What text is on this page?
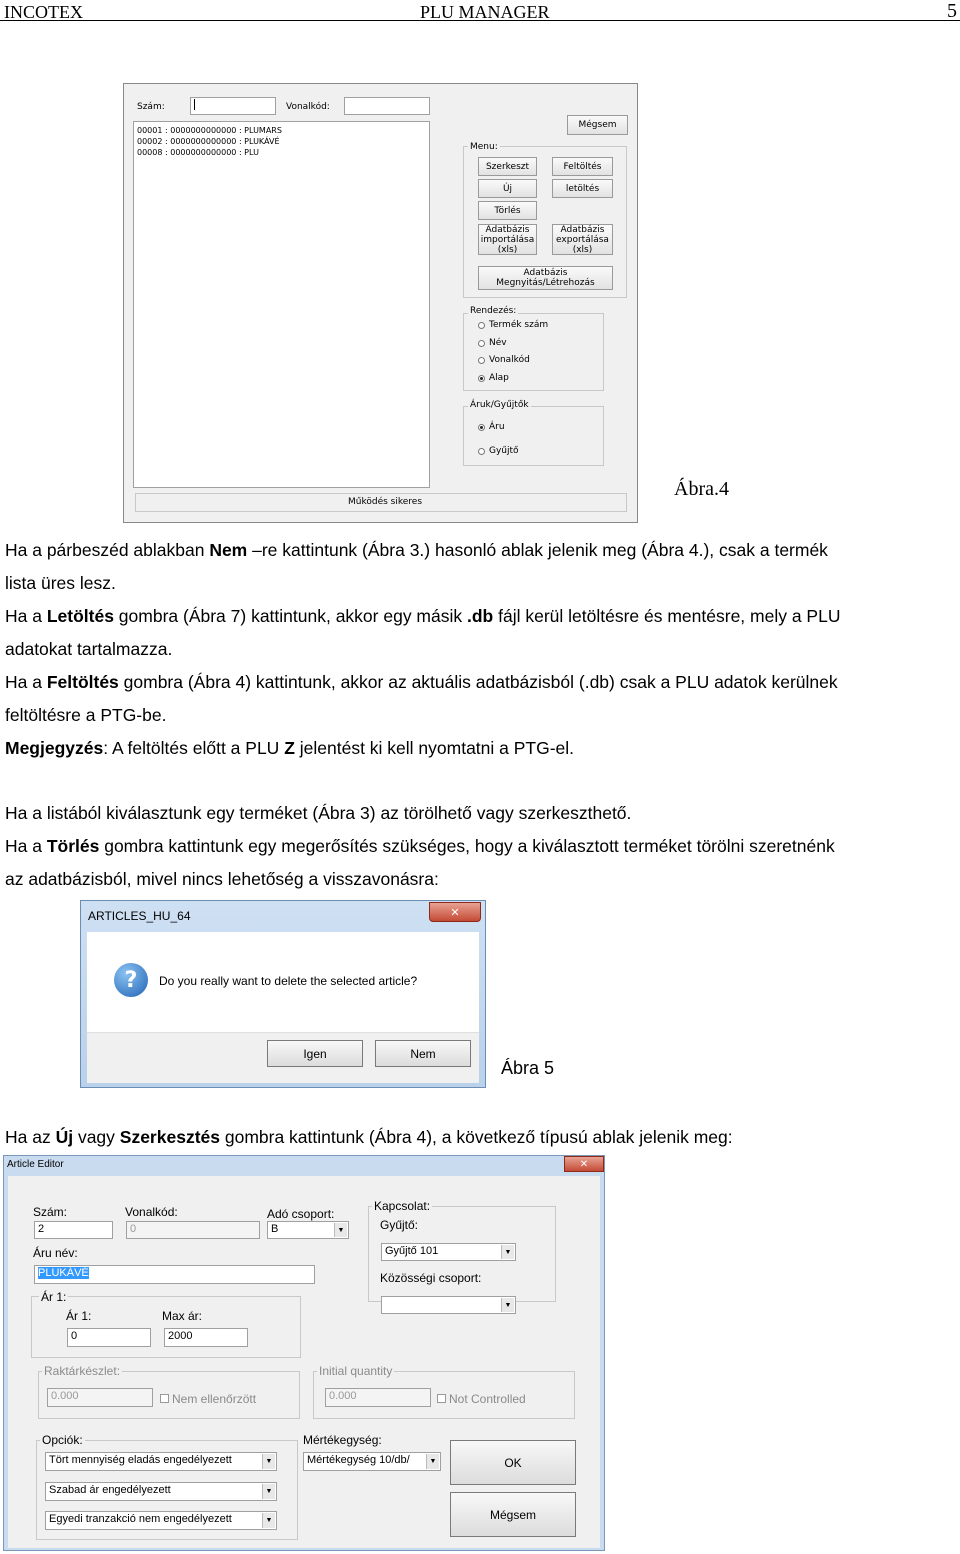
INCOTEX	PLU MANAGER	5
Szám:	Vonalkód:
00001 : 0000000000000 : PLUMARS
00002 : 0000000000000 : PLUKÁVÉ
00008 : 0000000000000 : PLU
Mégsem
Menu:
Szerkeszt	Feltöltés
Új	letöltés
Törlés
Adatbázis importálása (xls)
Adatbázis exportálása (xls)
Adatbázis Megnyitás/Létrehozás
Rendezés:
Termék szám
Név
Vonalkód
Alap
Áruk/Gyűjtők
Áru
Gyűjtő
Működés sikeres
Ábra.4
Ha a párbeszéd ablakban Nem –re kattintunk (Ábra 3.) hasonló ablak jelenik meg (Ábra 4.), csak a termék
lista üres lesz.
Ha a Letöltés gombra (Ábra 7) kattintunk, akkor egy másik .db fájl kerül letöltésre és mentésre, mely a PLU
adatokat tartalmazza.
Ha a Feltöltés gombra (Ábra 4) kattintunk, akkor az aktuális adatbázisból (.db) csak a PLU adatok kerülnek
feltöltésre a PTG-be.
Megjegyzés: A feltöltés előtt a PLU Z jelentést ki kell nyomtatni a PTG-el.
Ha a listából kiválasztunk egy terméket (Ábra 3) az törölhető vagy szerkeszthető.
Ha a Törlés gombra kattintunk egy megerősítés szükséges, hogy a kiválasztott terméket törölni szeretnénk
az adatbázisból, mivel nincs lehetőség a visszavonásra:
ARTICLES_HU_64	✕
?	Do you really want to delete the selected article?
Igen	Nem
Ábra 5
Ha az Új vagy Szerkesztés gombra kattintunk (Ábra 4), a következő típusú ablak jelenik meg:
Article Editor	✕
Szám:
2
Vonalkód:
0
Adó csoport:
B	▼
Kapcsolat:
Gyűjtő:
Gyűjtő 101	▼
Közösségi csoport:
▼
Áru név:
PLUKÁVÉ
Ár 1:
Ár 1:
0
Max ár:
2000
Raktárkészlet:
0.000	Nem ellenőrzött
Initial quantity
0.000	Not Controlled
Opciók:
Tört mennyiség eladás engedélyezett	▼
Szabad ár engedélyezett	▼
Egyedi tranzakció nem engedélyezett	▼
Mértékegység:
Mértékegység 10/db/	▼	OK
Mégsem
